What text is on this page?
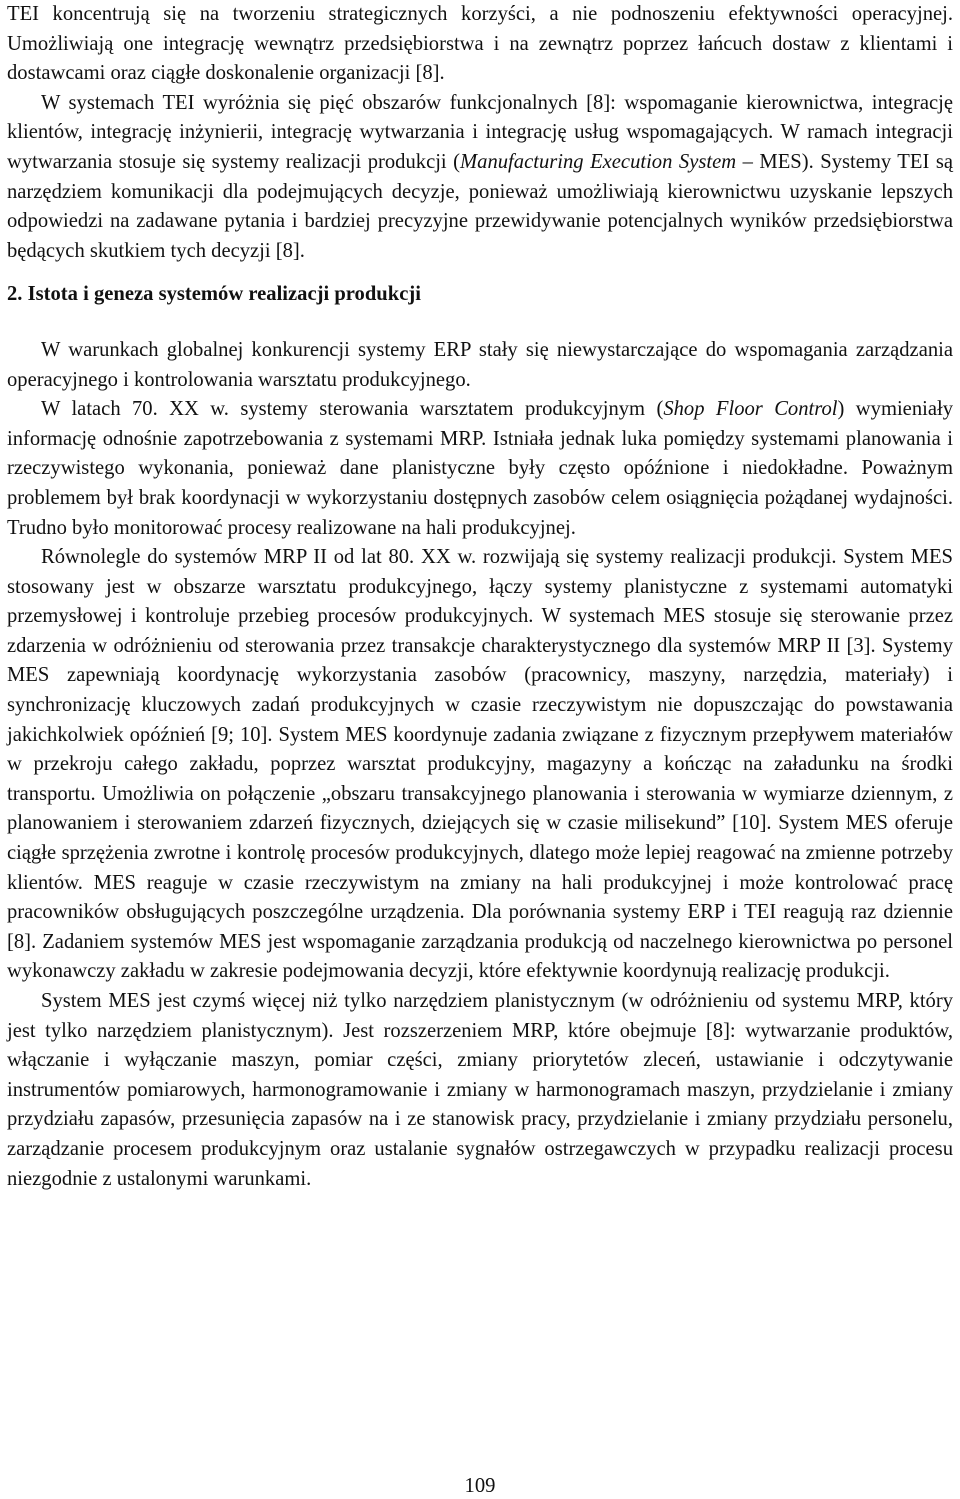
TEI koncentrują się na tworzeniu strategicznych korzyści, a nie podnoszeniu efektywności operacyjnej. Umożliwiają one integrację wewnątrz przedsiębiorstwa i na zewnątrz poprzez łańcuch dostaw z klientami i dostawcami oraz ciągłe doskonalenie organizacji [8].

W systemach TEI wyróżnia się pięć obszarów funkcjonalnych [8]: wspomaganie kierownictwa, integrację klientów, integrację inżynierii, integrację wytwarzania i integrację usług wspomagających. W ramach integracji wytwarzania stosuje się systemy realizacji produkcji (Manufacturing Execution System – MES). Systemy TEI są narzędziem komunikacji dla podejmujących decyzje, ponieważ umożliwiają kierownictwu uzyskanie lepszych odpowiedzi na zadawane pytania i bardziej precyzyjne przewidywanie potencjalnych wyników przedsiębiorstwa będących skutkiem tych decyzji [8].

2. Istota i geneza systemów realizacji produkcji

W warunkach globalnej konkurencji systemy ERP stały się niewystarczające do wspomagania zarządzania operacyjnego i kontrolowania warsztatu produkcyjnego.

W latach 70. XX w. systemy sterowania warsztatem produkcyjnym (Shop Floor Control) wymieniały informację odnośnie zapotrzebowania z systemami MRP. Istniała jednak luka pomiędzy systemami planowania i rzeczywistego wykonania, ponieważ dane planistyczne były często opóźnione i niedokładne. Poważnym problemem był brak koordynacji w wykorzystaniu dostępnych zasobów celem osiągnięcia pożądanej wydajności. Trudno było monitorować procesy realizowane na hali produkcyjnej.

Równolegle do systemów MRP II od lat 80. XX w. rozwijają się systemy realizacji produkcji. System MES stosowany jest w obszarze warsztatu produkcyjnego, łączy systemy planistyczne z systemami automatyki przemysłowej i kontroluje przebieg procesów produkcyjnych. W systemach MES stosuje się sterowanie przez zdarzenia w odróżnieniu od sterowania przez transakcje charakterystycznego dla systemów MRP II [3]. Systemy MES zapewniają koordynację wykorzystania zasobów (pracownicy, maszyny, narzędzia, materiały) i synchronizację kluczowych zadań produkcyjnych w czasie rzeczywistym nie dopuszczając do powstawania jakichkolwiek opóźnień [9; 10]. System MES koordynuje zadania związane z fizycznym przepływem materiałów w przekroju całego zakładu, poprzez warsztat produkcyjny, magazyny a kończąc na załadunku na środki transportu. Umożliwia on połączenie „obszaru transakcyjnego planowania i sterowania w wymiarze dziennym, z planowaniem i sterowaniem zdarzeń fizycznych, dziejących się w czasie milisekund” [10]. System MES oferuje ciągłe sprzężenia zwrotne i kontrolę procesów produkcyjnych, dlatego może lepiej reagować na zmienne potrzeby klientów. MES reaguje w czasie rzeczywistym na zmiany na hali produkcyjnej i może kontrolować pracę pracowników obsługujących poszczególne urządzenia. Dla porównania systemy ERP i TEI reagują raz dziennie [8]. Zadaniem systemów MES jest wspomaganie zarządzania produkcją od naczelnego kierownictwa po personel wykonawczy zakładu w zakresie podejmowania decyzji, które efektywnie koordynują realizację produkcji.

System MES jest czymś więcej niż tylko narzędziem planistycznym (w odróżnieniu od systemu MRP, który jest tylko narzędziem planistycznym). Jest rozszerzeniem MRP, które obejmuje [8]: wytwarzanie produktów, włączanie i wyłączanie maszyn, pomiar części, zmiany priorytetów zleceń, ustawianie i odczytywanie instrumentów pomiarowych, harmonogramowanie i zmiany w harmonogramach maszyn, przydzielanie i zmiany przydziału zapasów, przesunięcia zapasów na i ze stanowisk pracy, przydzielanie i zmiany przydziału personelu, zarządzanie procesem produkcyjnym oraz ustalanie sygnałów ostrzegawczych w przypadku realizacji procesu niezgodnie z ustalonymi warunkami.

109
